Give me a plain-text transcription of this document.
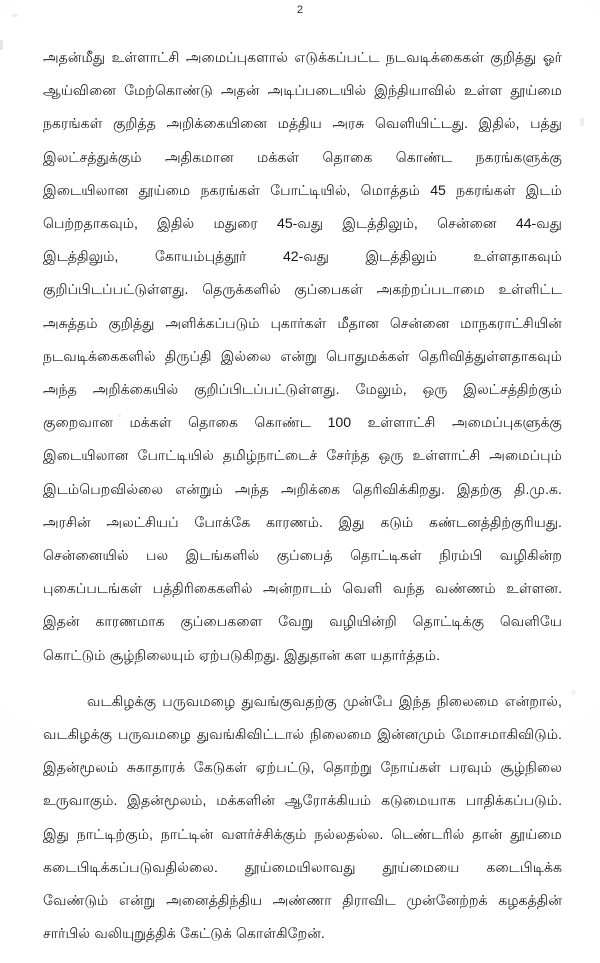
2
அதன்மீது உள்ளாட்சி அமைப்புகளால் எடுக்கப்பட்ட நடவடிக்கைகள் குறித்து ஓர்
ஆய்வினை மேற்கொண்டு அதன் அடிப்படையில் இந்தியாவில் உள்ள தூய்மை
நகரங்கள் குறித்த அறிக்கையினை மத்திய அரசு வெளியிட்டது. இதில், பத்து
இலட்சத்துக்கும் அதிகமான மக்கள் தொகை கொண்ட நகரங்களுக்கு
இடையிலான தூய்மை நகரங்கள் போட்டியில், மொத்தம் 45 நகரங்கள் இடம்
பெற்றதாகவும், இதில் மதுரை 45-வது இடத்திலும், சென்னை 44-வது
இடத்திலும்,	கோயம்புத்தூர்	42-வது	இடத்திலும்	உள்ளதாகவும்
குறிப்பிடப்பட்டுள்ளது. தெருக்களில் குப்பைகள் அகற்றப்படாமை உள்ளிட்ட
அசுத்தம் குறித்து அளிக்கப்படும் புகார்கள் மீதான சென்னை மாநகராட்சியின்
நடவடிக்கைகளில் திருப்தி இல்லை என்று பொதுமக்கள் தெரிவித்துள்ளதாகவும்
அந்த அறிக்கையில் குறிப்பிடப்பட்டுள்ளது. மேலும், ஒரு இலட்சத்திற்கும்
குறைவான மக்கள் தொகை கொண்ட 100 உள்ளாட்சி அமைப்புகளுக்கு
இடையிலான போட்டியில் தமிழ்நாட்டைச் சேர்ந்த ஒரு உள்ளாட்சி அமைப்பும்
இடம்பெறவில்லை என்றும் அந்த அறிக்கை தெரிவிக்கிறது. இதற்கு தி.மு.க.
அரசின் அலட்சியப் போக்கே காரணம். இது கடும் கண்டனத்திற்குரியது.
சென்னையில் பல இடங்களில் குப்பைத் தொட்டிகள் நிரம்பி வழிகின்ற
புகைப்படங்கள் பத்திரிகைகளில் அன்றாடம் வெளி வந்த வண்ணம் உள்ளன.
இதன் காரணமாக குப்பைகளை வேறு வழியின்றி தொட்டிக்கு வெளியே
கொட்டும் சூழ்நிலையும் ஏற்படுகிறது. இதுதான் கள யதார்த்தம்.
வடகிழக்கு பருவமழை துவங்குவதற்கு முன்பே இந்த நிலைமை என்றால்,
வடகிழக்கு பருவமழை துவங்கிவிட்டால் நிலைமை இன்னமும் மோசமாகிவிடும்.
இதன்மூலம் சுகாதாரக் கேடுகள் ஏற்பட்டு, தொற்று நோய்கள் பரவும் சூழ்நிலை
உருவாகும். இதன்மூலம், மக்களின் ஆரோக்கியம் கடுமையாக பாதிக்கப்படும்.
இது நாட்டிற்கும், நாட்டின் வளர்ச்சிக்கும் நல்லதல்ல. டெண்டரில் தான் தூய்மை
கடைபிடிக்கப்படுவதில்லை. தூய்மையிலாவது தூய்மையை கடைபிடிக்க
வேண்டும் என்று அனைத்திந்திய அண்ணா திராவிட முன்னேற்றக் கழகத்தின்
சார்பில் வலியுறுத்திக் கேட்டுக் கொள்கிறேன்.
